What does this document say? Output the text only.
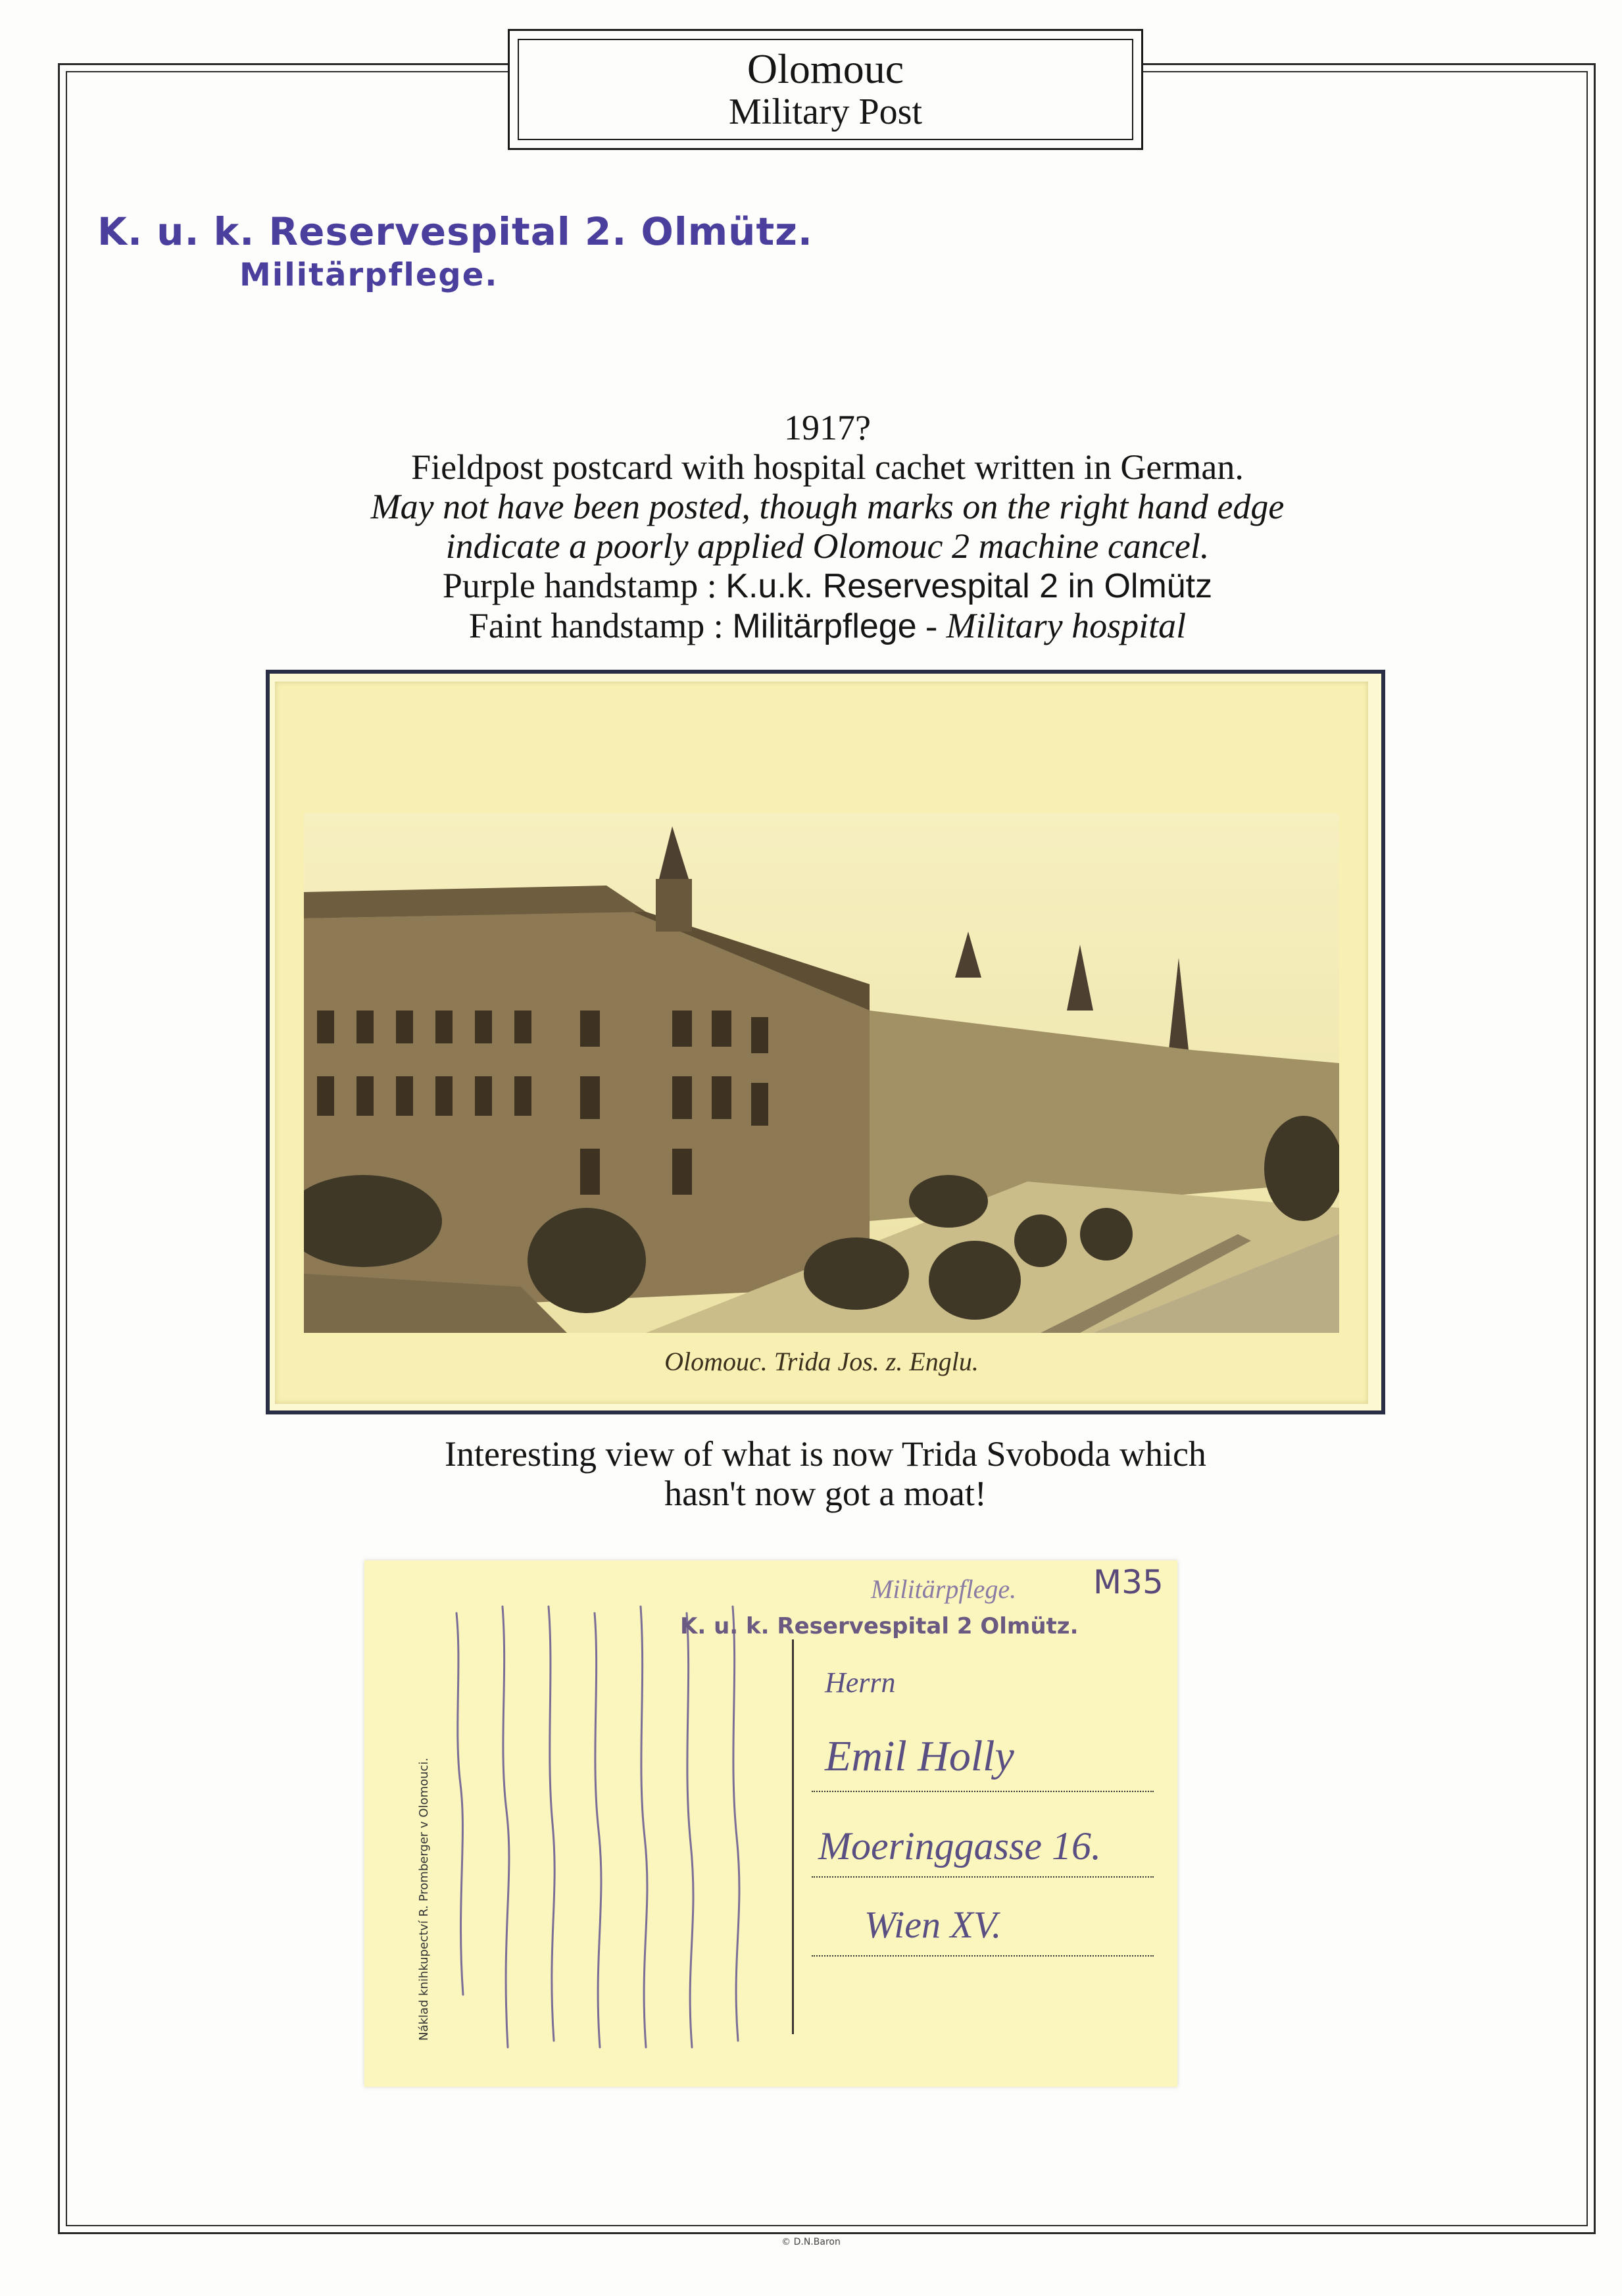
Olomouc
Military Post
K. u. k. Reservespital 2. Olmütz.
Militärpflege.
1917?
Fieldpost postcard with hospital cachet written in German.
May not have been posted, though marks on the right hand edge
indicate a poorly applied Olomouc 2 machine cancel.
Purple handstamp : K.u.k. Reservespital 2 in Olmütz
Faint handstamp : Militärpflege - Military hospital
Olomouc. Trida Jos. z. Englu.
Interesting view of what is now Trida Svoboda which
hasn't now got a moat!
Náklad knihkupectví R. Promberger v Olomouci.
K. u. k. Reservespital 2 Olmütz.
Militärpflege. M35
Herrn
Emil Holly
Moeringgasse 16.
Wien XV.
© D.N.Baron
